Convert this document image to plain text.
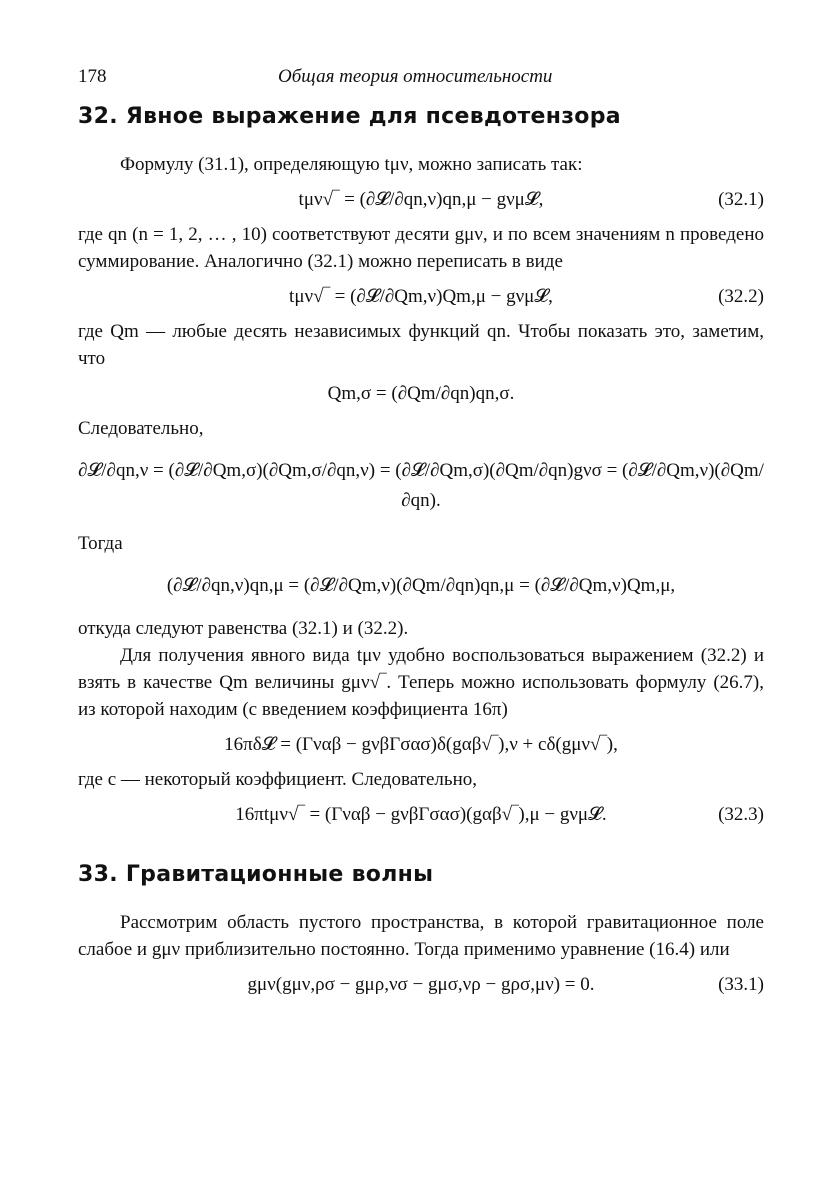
178	Общая теория относительности
32. Явное выражение для псевдотензора

Формулу (31.1), определяющую tμν, можно записать так:

tμν√‾ = (∂𝓛/∂qn,ν)qn,μ − gνμ𝓛,	(32.1)

где qn (n = 1, 2, … , 10) соответствуют десяти gμν, и по всем значениям n проведено суммирование. Аналогично (32.1) можно переписать в виде

tμν√‾ = (∂𝓛/∂Qm,ν)Qm,μ − gνμ𝓛,	(32.2)

где Qm — любые десять независимых функций qn. Чтобы показать это, заметим, что

Qm,σ = (∂Qm/∂qn)qn,σ.

Следовательно,

∂𝓛/∂qn,ν = (∂𝓛/∂Qm,σ)(∂Qm,σ/∂qn,ν) = (∂𝓛/∂Qm,σ)(∂Qm/∂qn)gνσ = (∂𝓛/∂Qm,ν)(∂Qm/∂qn).

Тогда

(∂𝓛/∂qn,ν)qn,μ = (∂𝓛/∂Qm,ν)(∂Qm/∂qn)qn,μ = (∂𝓛/∂Qm,ν)Qm,μ,

откуда следуют равенства (32.1) и (32.2).

Для получения явного вида tμν удобно воспользоваться выражением (32.2) и взять в качестве Qm величины gμν√‾. Теперь можно использовать формулу (26.7), из которой находим (с введением коэффициента 16π)

16πδ𝓛 = (Γναβ − gνβΓσασ)δ(gαβ√‾),ν + cδ(gμν√‾),

где c — некоторый коэффициент. Следовательно,

16πtμν√‾ = (Γναβ − gνβΓσασ)(gαβ√‾),μ − gνμ𝓛.	(32.3)
33. Гравитационные волны

Рассмотрим область пустого пространства, в которой гравитационное поле слабое и gμν приблизительно постоянно. Тогда применимо уравнение (16.4) или

gμν(gμν,ρσ − gμρ,νσ − gμσ,νρ − gρσ,μν) = 0.	(33.1)
